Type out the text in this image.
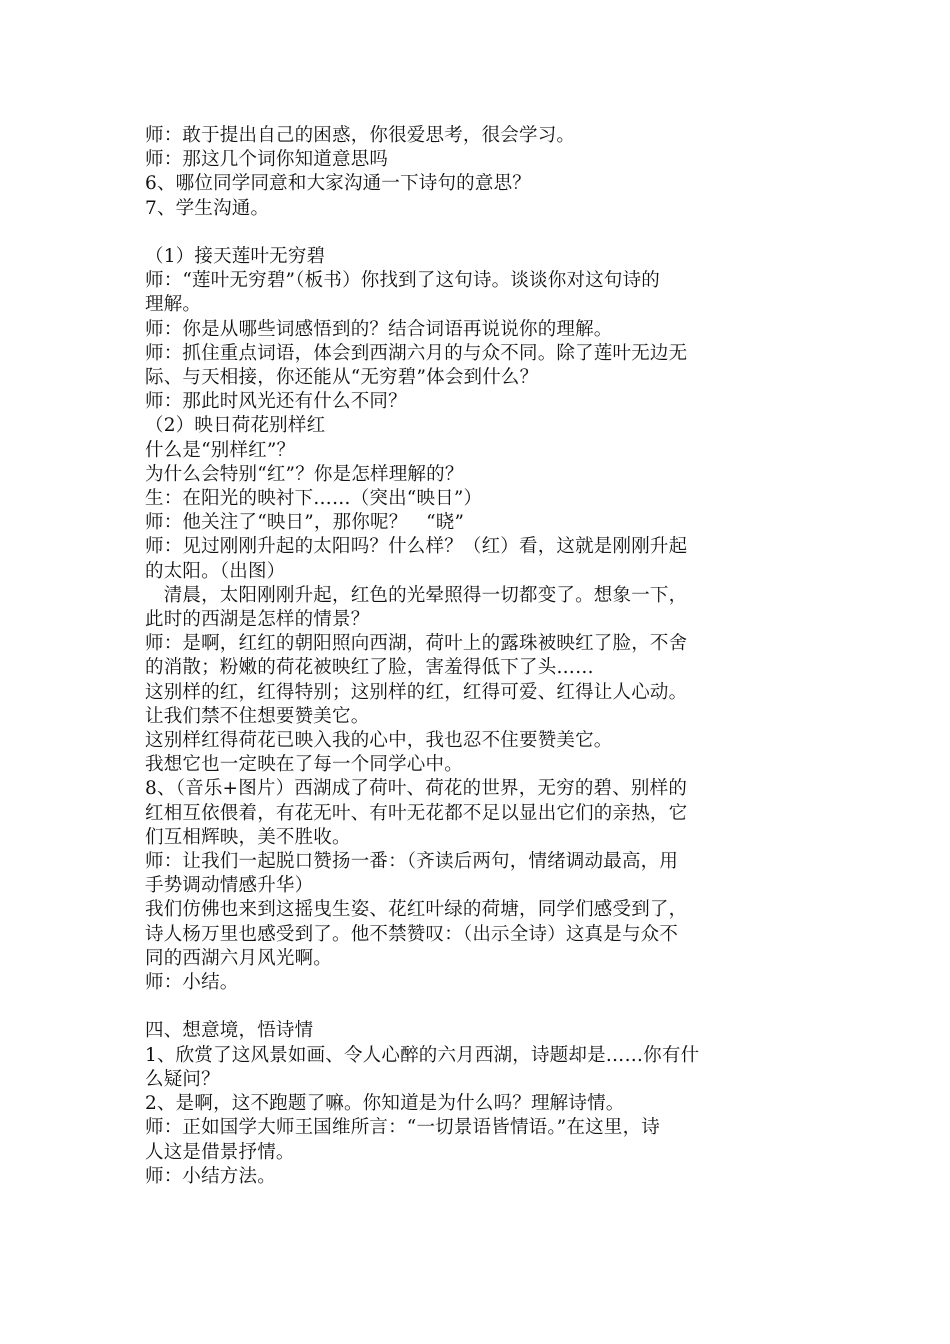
师：敢于提出自己的困惑，你很爱思考，很会学习。
师：那这几个词你知道意思吗
6、哪位同学同意和大家沟通一下诗句的意思？
7、学生沟通。
（1）接天莲叶无穷碧
师：“莲叶无穷碧”（板书）你找到了这句诗。谈谈你对这句诗的
理解。
师：你是从哪些词感悟到的？结合词语再说说你的理解。
师：抓住重点词语，体会到西湖六月的与众不同。除了莲叶无边无
际、与天相接，你还能从“无穷碧”体会到什么？
师：那此时风光还有什么不同？
（2）映日荷花别样红
什么是“别样红”？
为什么会特别“红”？你是怎样理解的？
生：在阳光的映衬下……（突出“映日”）
师：他关注了“映日”，那你呢？　“晓”
师：见过刚刚升起的太阳吗？什么样？（红）看，这就是刚刚升起
的太阳。（出图）
　清晨，太阳刚刚升起，红色的光晕照得一切都变了。想象一下，
此时的西湖是怎样的情景？
师：是啊，红红的朝阳照向西湖，荷叶上的露珠被映红了脸，不舍
的消散；粉嫩的荷花被映红了脸，害羞得低下了头……
这别样的红，红得特别；这别样的红，红得可爱、红得让人心动。
让我们禁不住想要赞美它。
这别样红得荷花已映入我的心中，我也忍不住要赞美它。
我想它也一定映在了每一个同学心中。
8、（音乐+图片）西湖成了荷叶、荷花的世界，无穷的碧、别样的
红相互依偎着，有花无叶、有叶无花都不足以显出它们的亲热，它
们互相辉映，美不胜收。
师：让我们一起脱口赞扬一番：（齐读后两句，情绪调动最高，用
手势调动情感升华）
我们仿佛也来到这摇曳生姿、花红叶绿的荷塘，同学们感受到了，
诗人杨万里也感受到了。他不禁赞叹：（出示全诗）这真是与众不
同的西湖六月风光啊。
师：小结。
四、想意境，悟诗情
1、欣赏了这风景如画、令人心醉的六月西湖，诗题却是……你有什
么疑问？
2、是啊，这不跑题了嘛。你知道是为什么吗？理解诗情。
师：正如国学大师王国维所言：“一切景语皆情语。”在这里，诗
人这是借景抒情。
师：小结方法。
